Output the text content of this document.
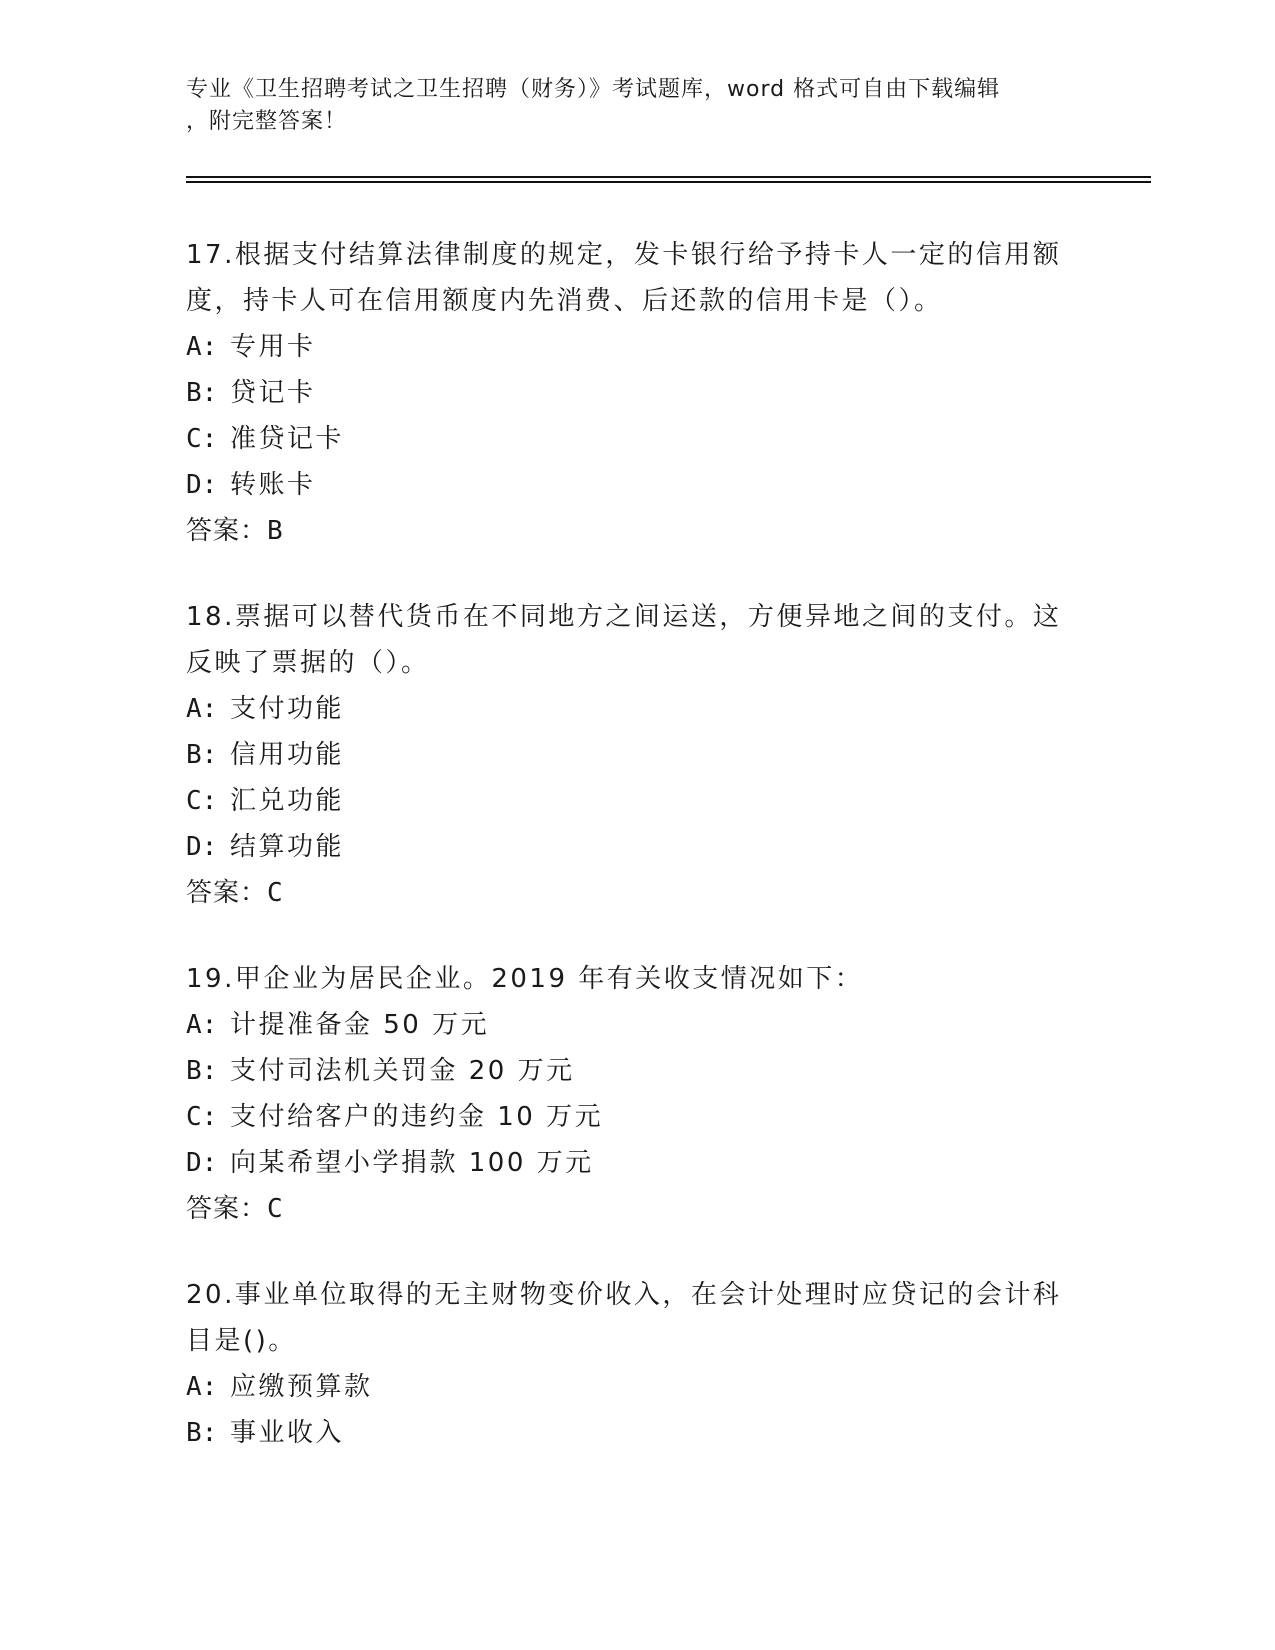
专业《卫生招聘考试之卫生招聘（财务）》考试题库，word 格式可自由下载编辑
，附完整答案！

17.根据支付结算法律制度的规定，发卡银行给予持卡人一定的信用额度，持卡人可在信用额度内先消费、后还款的信用卡是（）。

A: 专用卡
B: 贷记卡
C: 准贷记卡
D: 转账卡

答案：B

18.票据可以替代货币在不同地方之间运送，方便异地之间的支付。这反映了票据的（）。

A: 支付功能
B: 信用功能
C: 汇兑功能
D: 结算功能

答案：C

19.甲企业为居民企业。2019 年有关收支情况如下：

A: 计提准备金 50 万元
B: 支付司法机关罚金 20 万元
C: 支付给客户的违约金 10 万元
D: 向某希望小学捐款 100 万元

答案：C

20.事业单位取得的无主财物变价收入，在会计处理时应贷记的会计科目是()。

A: 应缴预算款
B: 事业收入
